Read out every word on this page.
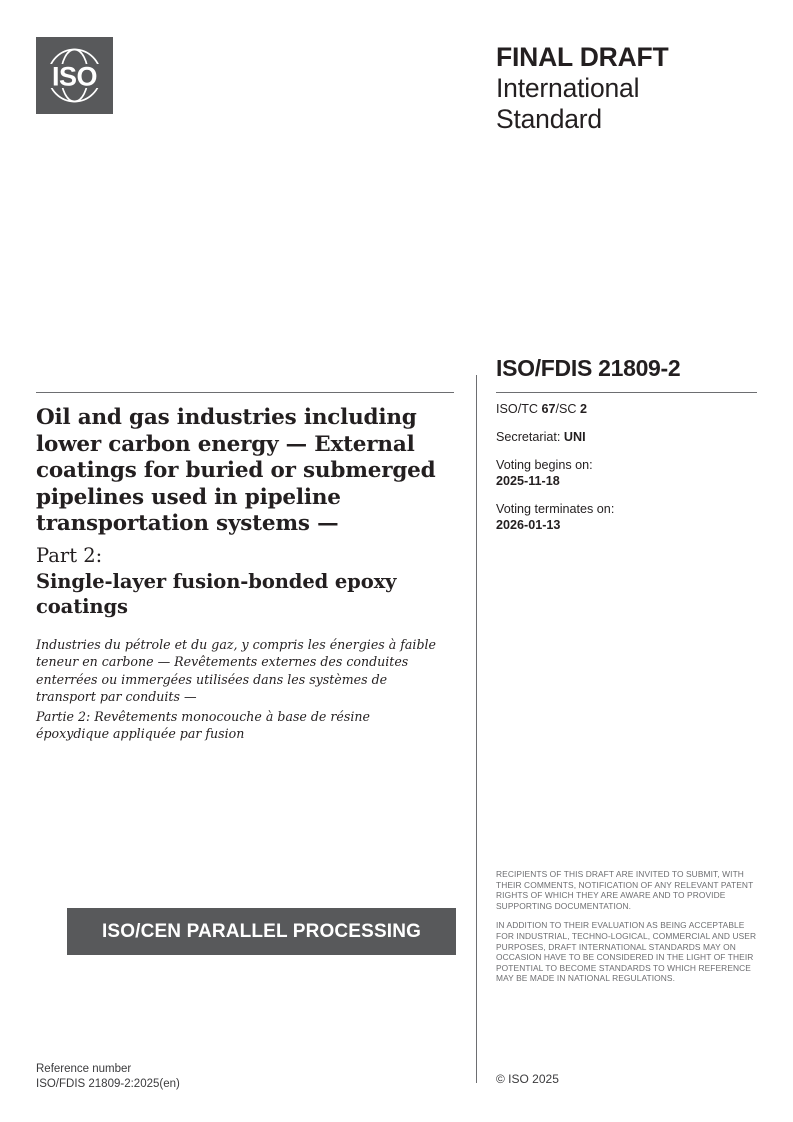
ISO
FINAL DRAFT
International
Standard
ISO/FDIS 21809-2
Oil and gas industries including lower carbon energy — External coatings for buried or submerged pipelines used in pipeline transportation systems —
Part 2:
Single-layer fusion-bonded epoxy coatings
Industries du pétrole et du gaz, y compris les énergies à faible teneur en carbone — Revêtements externes des conduites enterrées ou immergées utilisées dans les systèmes de transport par conduits —
Partie 2: Revêtements monocouche à base de résine époxydique appliquée par fusion
ISO/CEN PARALLEL PROCESSING
ISO/TC 67/SC 2
Secretariat: UNI
Voting begins on:
2025-11-18
Voting terminates on:
2026-01-13

RECIPIENTS OF THIS DRAFT ARE INVITED TO SUBMIT, WITH THEIR COMMENTS, NOTIFICATION OF ANY RELEVANT PATENT RIGHTS OF WHICH THEY ARE AWARE AND TO PROVIDE SUPPORTING DOCUMENTATION.

IN ADDITION TO THEIR EVALUATION AS BEING ACCEPTABLE FOR INDUSTRIAL, TECHNO-LOGICAL, COMMERCIAL AND USER PURPOSES, DRAFT INTERNATIONAL STANDARDS MAY ON OCCASION HAVE TO BE CONSIDERED IN THE LIGHT OF THEIR POTENTIAL TO BECOME STANDARDS TO WHICH REFERENCE MAY BE MADE IN NATIONAL REGULATIONS.

Reference number
ISO/FDIS 21809-2:2025(en)	© ISO 2025
